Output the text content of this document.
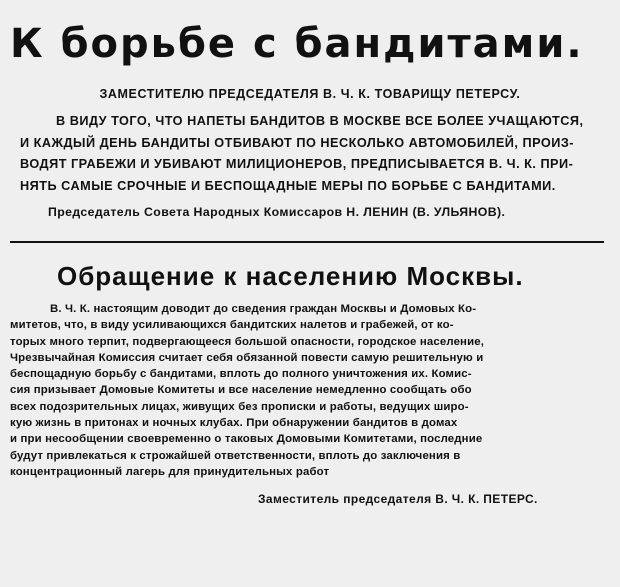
К борьбе с бандитами.
ЗАМЕСТИТЕЛЮ ПРЕДСЕДАТЕЛЯ В. Ч. К. ТОВАРИЩУ ПЕТЕРСУ.
В ВИДУ ТОГО, ЧТО НАПЕТЫ БАНДИТОВ В МОСКВЕ ВСЕ БОЛЕЕ УЧАЩАЮТСЯ,
И КАЖДЫЙ ДЕНЬ БАНДИТЫ ОТБИВАЮТ ПО НЕСКОЛЬКО АВТОМОБИЛЕЙ, ПРОИЗ-
ВОДЯТ ГРАБЕЖИ И УБИВАЮТ МИЛИЦИОНЕРОВ, ПРЕДПИСЫВАЕТСЯ В. Ч. К. ПРИ-
НЯТЬ САМЫЕ СРОЧНЫЕ И БЕСПОЩАДНЫЕ МЕРЫ ПО БОРЬБЕ С БАНДИТАМИ.
Председатель Совета Народных Комиссаров Н. ЛЕНИН (В. УЛЬЯНОВ).
Обращение к населению Москвы.
В. Ч. К. настоящим доводит до сведения граждан Москвы и Домовых Ко-
митетов, что, в виду усиливающихся бандитских налетов и грабежей, от ко-
торых много терпит, подвергающееся большой опасности, городское население,
Чрезвычайная Комиссия считает себя обязанной повести самую решительную и
беспощадную борьбу с бандитами, вплоть до полного уничтожения их. Комис-
сия призывает Домовые Комитеты и все население немедленно сообщать обо
всех подозрительных лицах, живущих без прописки и работы, ведущих широ-
кую жизнь в притонах и ночных клубах. При обнаружении бандитов в домах
и при несообщении своевременно о таковых Домовыми Комитетами, последние
будут привлекаться к строжайшей ответственности, вплоть до заключения в
концентрационный лагерь для принудительных работ
Заместитель председателя В. Ч. К. ПЕТЕРС.
